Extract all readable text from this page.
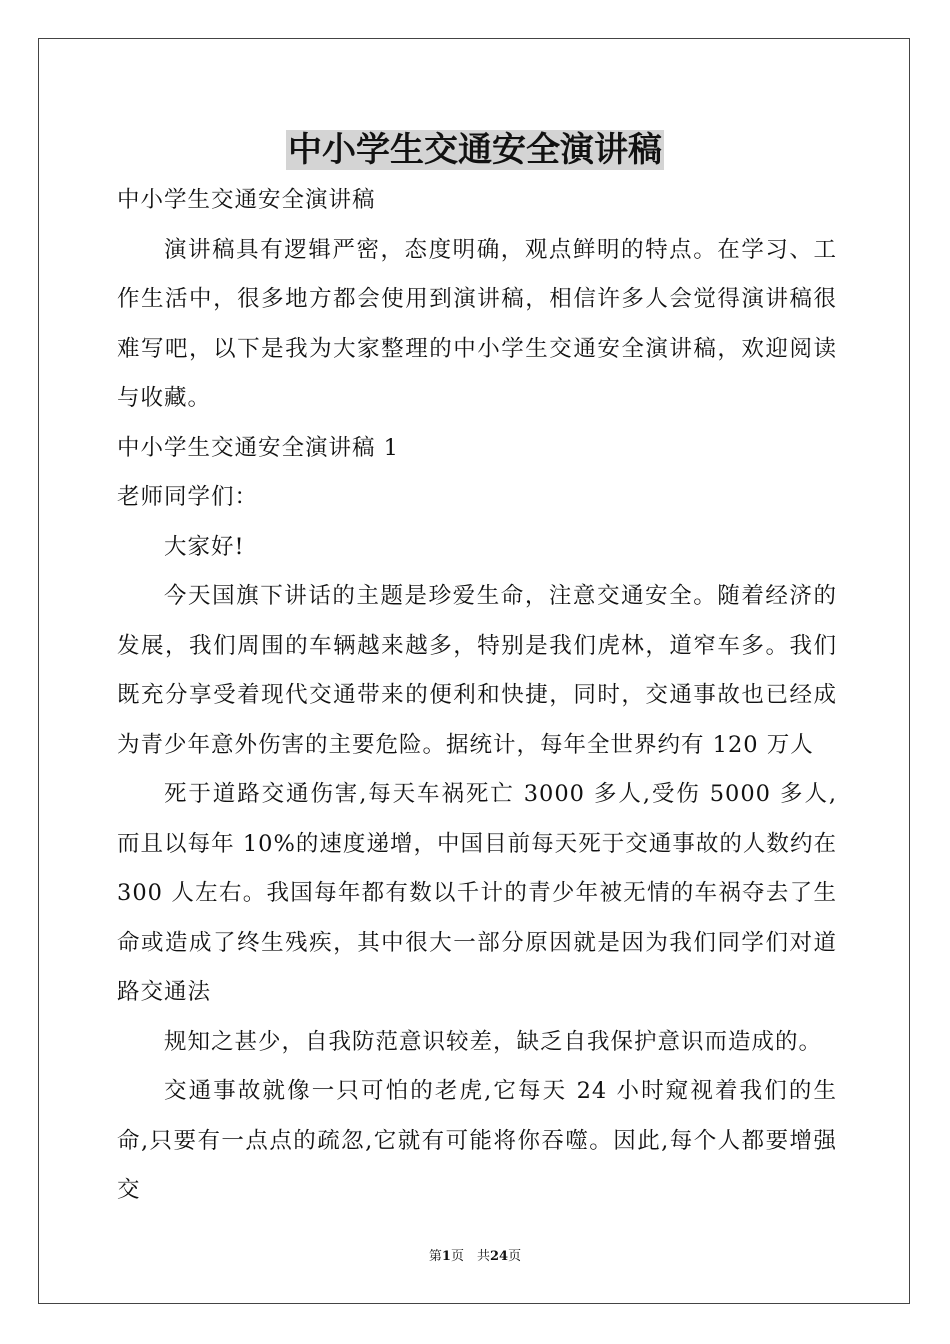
中小学生交通安全演讲稿

中小学生交通安全演讲稿

演讲稿具有逻辑严密，态度明确，观点鲜明的特点。在学习、工作生活中，很多地方都会使用到演讲稿，相信许多人会觉得演讲稿很难写吧，以下是我为大家整理的中小学生交通安全演讲稿，欢迎阅读与收藏。

中小学生交通安全演讲稿 1

老师同学们：

大家好!

今天国旗下讲话的主题是珍爱生命，注意交通安全。随着经济的发展，我们周围的车辆越来越多，特别是我们虎林，道窄车多。我们既充分享受着现代交通带来的便利和快捷，同时，交通事故也已经成为青少年意外伤害的主要危险。据统计，每年全世界约有 120 万人

死于道路交通伤害,每天车祸死亡 3000 多人,受伤 5000 多人,而且以每年 10%的速度递增，中国目前每天死于交通事故的人数约在 300 人左右。我国每年都有数以千计的青少年被无情的车祸夺去了生命或造成了终生残疾，其中很大一部分原因就是因为我们同学们对道路交通法

规知之甚少，自我防范意识较差，缺乏自我保护意识而造成的。

交通事故就像一只可怕的老虎,它每天 24 小时窥视着我们的生命,只要有一点点的疏忽,它就有可能将你吞噬。因此,每个人都要增强交

第1页　共24页
